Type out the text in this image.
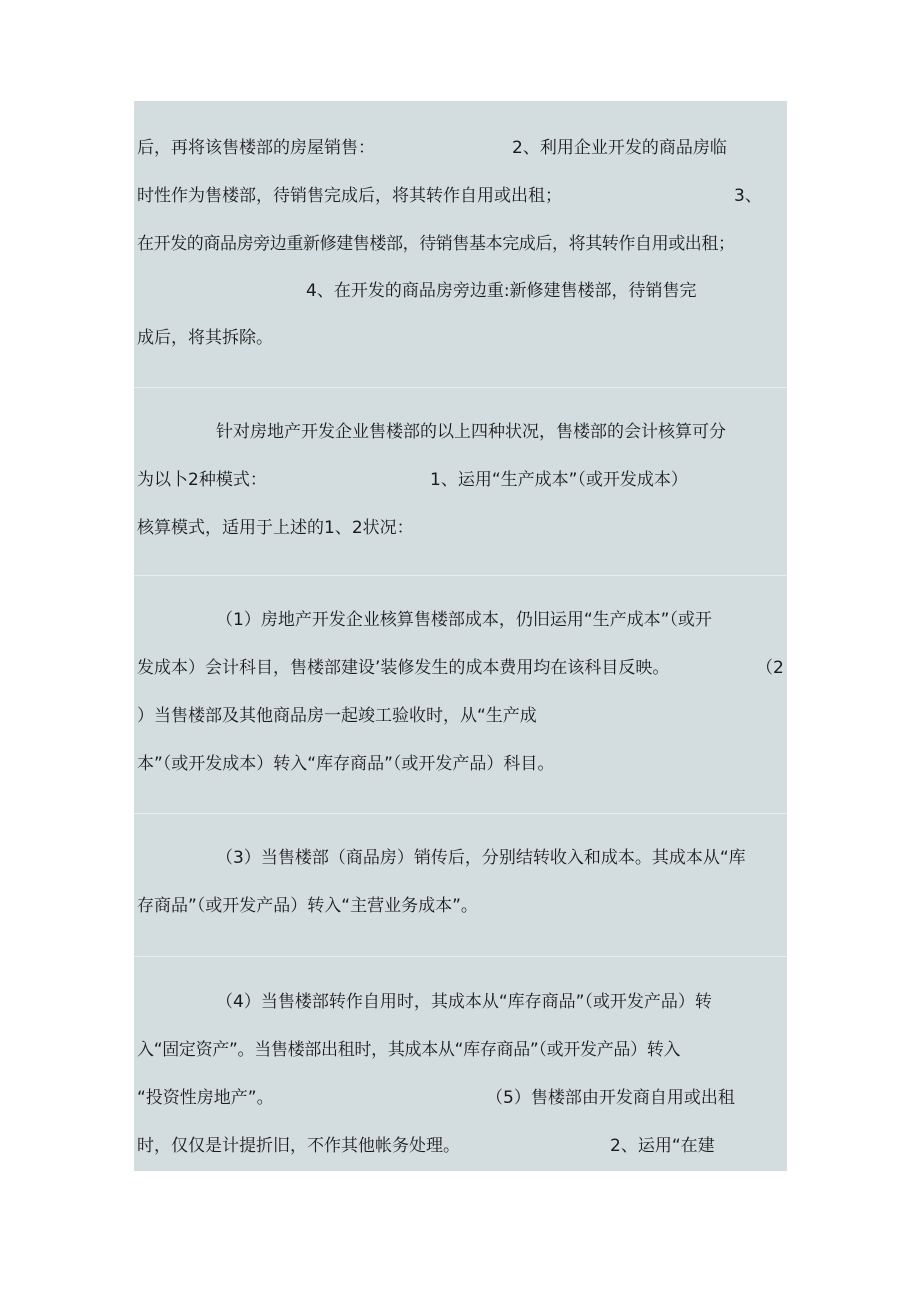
后，再将该售楼部的房屋销售：	2、利用企业开发的商品房临
时性作为售楼部，待销售完成后，将其转作自用或出租；	3、
在开发的商品房旁边重新修建售楼部，待销售基本完成后，将其转作自用或出租；
4、在开发的商品房旁边重:新修建售楼部，待销售完
成后，将其拆除。
针对房地产开发企业售楼部的以上四种状况，售楼部的会计核算可分
为以卜2种模式：	1、运用“生产成本”（或开发成本）
核算模式，适用于上述的1、2状况：
（1）房地产开发企业核算售楼部成本，仍旧运用“生产成本”（或开
发成本）会计科目，售楼部建设’装修发生的成本费用均在该科目反映。	（2
）当售楼部及其他商品房一起竣工验收时，从“生产成
本”（或开发成本）转入“库存商品”（或开发产品）科目。
（3）当售楼部（商品房）销传后，分别结转收入和成本。其成本从“库
存商品”（或开发产品）转入“主营业务成本”。
（4）当售楼部转作自用时，其成本从“库存商品”（或开发产品）转
入“固定资产”。当售楼部出租时，其成本从“库存商品”（或开发产品）转入
“投资性房地产”。	（5）售楼部由开发商自用或出租
时，仅仅是计提折旧，不作其他帐务处理。	2、运用“在建
